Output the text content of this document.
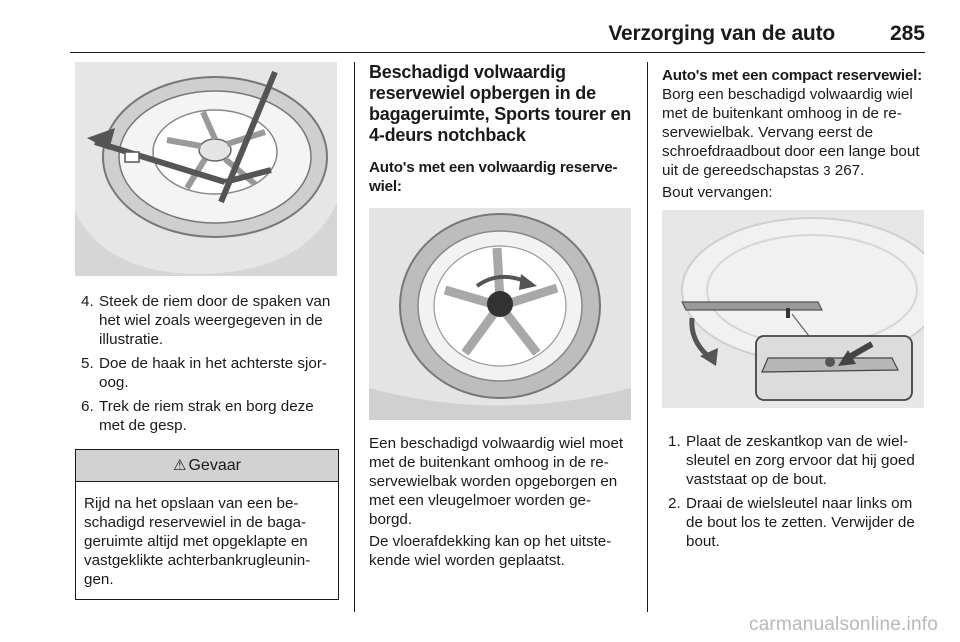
Verzorging van de auto	285
4. Steek de riem door de spaken van het wiel zoals weergegeven in de illustratie.
5. Doe de haak in het achterste sjor-oog.
6. Trek de riem strak en borg deze met de gesp.
⚠ Gevaar
Rijd na het opslaan van een be-schadigd reservewiel in de baga-geruimte altijd met opgeklapte en vastgeklikte achterbankrugleunin-gen.
Beschadigd volwaardig reservewiel opbergen in de bagageruimte, Sports tourer en 4-deurs notchback
Auto's met een volwaardig reserve-wiel:

Een beschadigd volwaardig wiel moet met de buitenkant omhoog in de re-servewielbak worden opgeborgen en met een vleugelmoer worden ge-borgd.

De vloerafdekking kan op het uitste-kende wiel worden geplaatst.

Auto's met een compact reservewiel:

Borg een beschadigd volwaardig wiel met de buitenkant omhoog in de re-servewielbak. Vervang eerst de schroefdraadbout door een lange bout uit de gereedschapstas 3 267.

Bout vervangen:

1. Plaat de zeskantkop van de wiel-sleutel en zorg ervoor dat hij goed vaststaat op de bout.
2. Draai de wielsleutel naar links om de bout los te zetten. Verwijder de bout.
carmanualsonline.info
